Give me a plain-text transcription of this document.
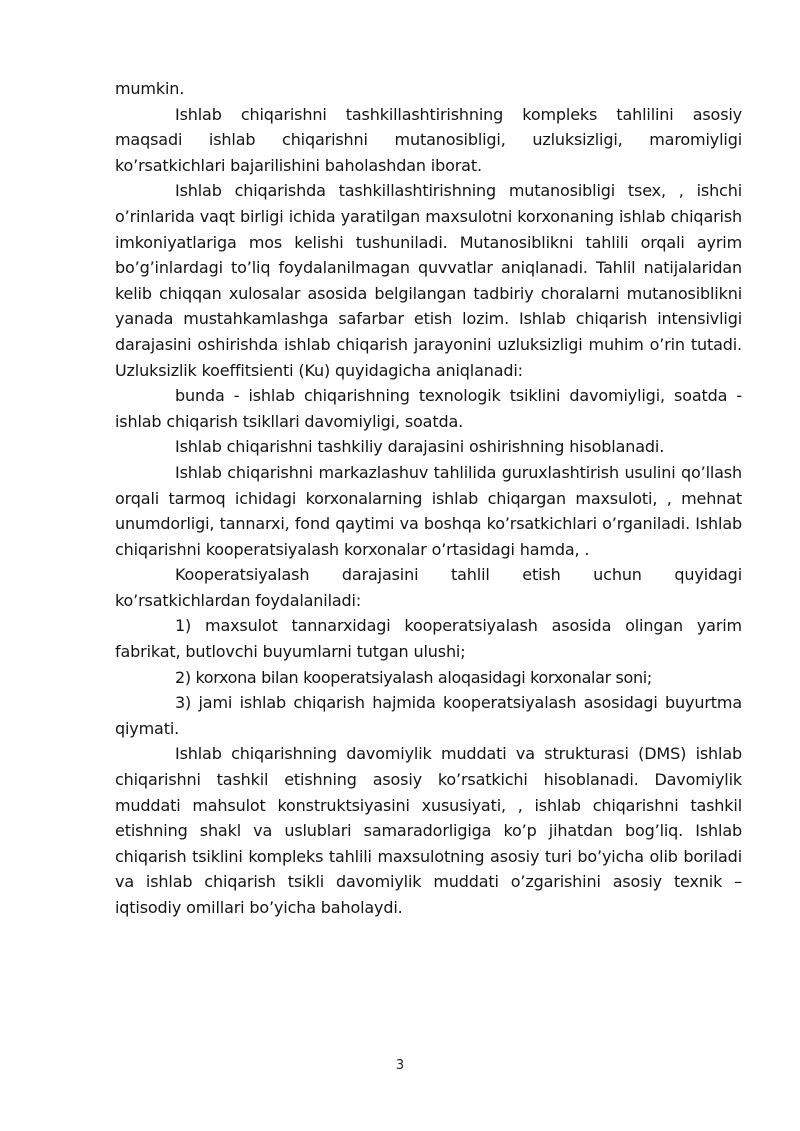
mumkin.

Ishlab chiqarishni tashkillashtirishning kompleks tahlilini asosiy maqsadi ishlab chiqarishni mutanosibligi, uzluksizligi, maromiyligi ko’rsatkichlari bajarilishini baholashdan iborat.

Ishlab chiqarishda tashkillashtirishning mutanosibligi tsex, , ishchi o’rinlarida vaqt birligi ichida yaratilgan maxsulotni korxonaning ishlab chiqarish imkoniyatlariga mos kelishi tushuniladi. Mutanosiblikni tahlili orqali ayrim bo’g’inlardagi to’liq foydalanilmagan quvvatlar aniqlanadi. Tahlil natijalaridan kelib chiqqan xulosalar asosida belgilangan tadbiriy choralarni mutanosiblikni yanada mustahkamlashga safarbar etish lozim. Ishlab chiqarish intensivligi darajasini oshirishda ishlab chiqarish jarayonini uzluksizligi muhim o’rin tutadi. Uzluksizlik koeffitsienti (Ku) quyidagicha aniqlanadi:

bunda - ishlab chiqarishning texnologik tsiklini davomiyligi, soatda - ishlab chiqarish tsikllari davomiyligi, soatda.

Ishlab chiqarishni tashkiliy darajasini oshirishning hisoblanadi.

Ishlab chiqarishni markazlashuv tahlilida guruxlashtirish usulini qo’llash orqali tarmoq ichidagi korxonalarning ishlab chiqargan maxsuloti, , mehnat unumdorligi, tannarxi, fond qaytimi va boshqa ko’rsatkichlari o’rganiladi. Ishlab chiqarishni kooperatsiyalash korxonalar o’rtasidagi hamda, .

Kooperatsiyalash darajasini tahlil etish uchun quyidagi ko’rsatkichlardan foydalaniladi:

1) maxsulot tannarxidagi kooperatsiyalash asosida olingan yarim fabrikat, butlovchi buyumlarni tutgan ulushi;

2) korxona bilan kooperatsiyalash aloqasidagi korxonalar soni;

3) jami ishlab chiqarish hajmida kooperatsiyalash asosidagi buyurtma qiymati.

Ishlab chiqarishning davomiylik muddati va strukturasi (DMS) ishlab chiqarishni tashkil etishning asosiy ko’rsatkichi hisoblanadi. Davomiylik muddati mahsulot konstruktsiyasini xususiyati, , ishlab chiqarishni tashkil etishning shakl va uslublari samaradorligiga ko’p jihatdan bog’liq. Ishlab chiqarish tsiklini kompleks tahlili maxsulotning asosiy turi bo’yicha olib boriladi va ishlab chiqarish tsikli davomiylik muddati o’zgarishini asosiy texnik – iqtisodiy omillari bo’yicha baholaydi.

3
